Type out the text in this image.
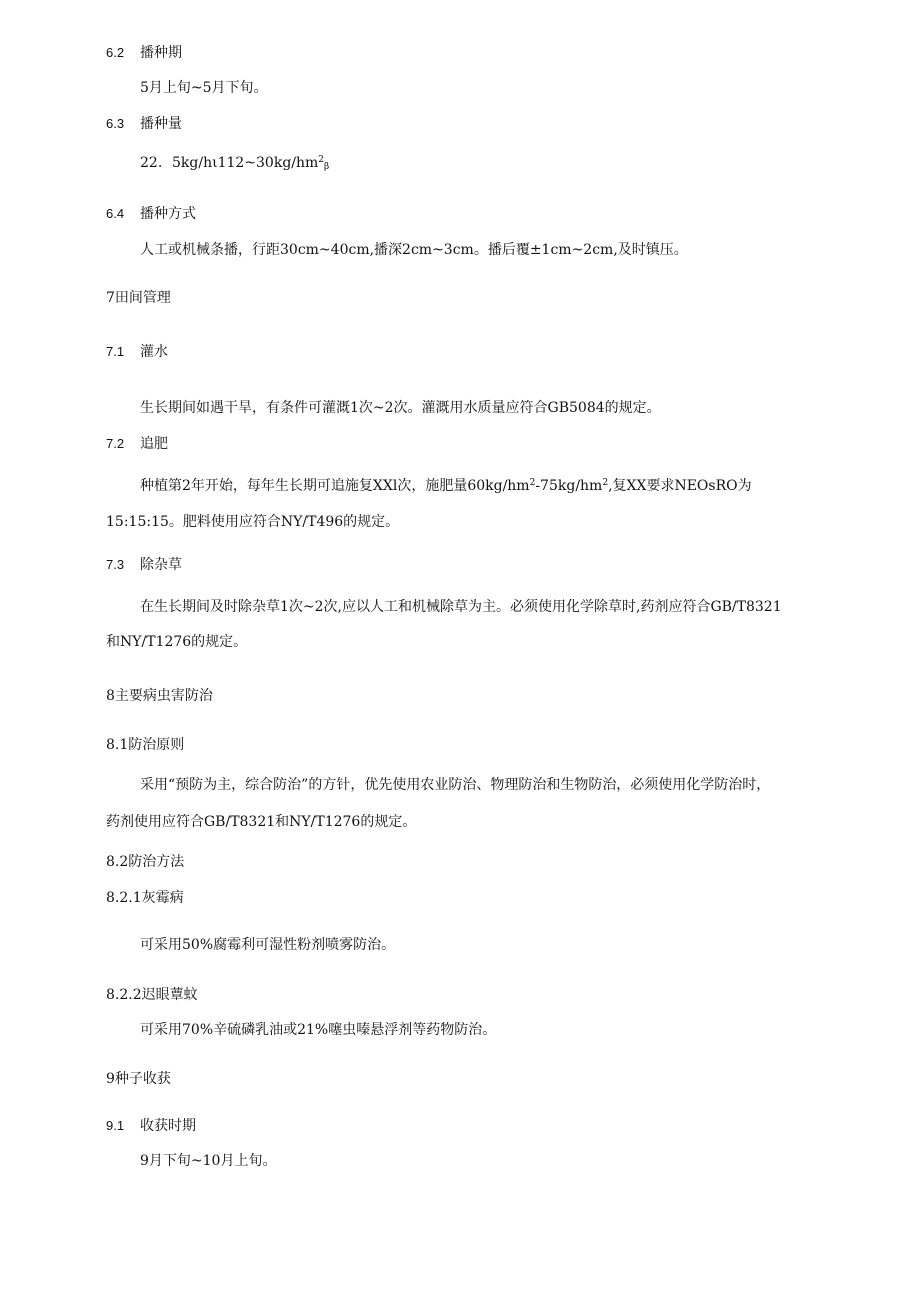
6.2 播种期
5月上旬~5月下旬。
6.3 播种量
22. $5kg∕h\iota 112\sim 30kg∕hm^2_\beta$
6.4 播种方式
人工或机械条播，行距30cm~40cm,播深2cm~3cm。播后覆±1cm~2cm,及时镇压。
7田间管理
7.1 灌水
生长期间如遇干旱，有条件可灌溉1次~2次。灌溉用水质量应符合GB5084的规定。
7.2 追肥
种植第2年开始，每年生长期可追施复XXl次，施肥量$60kg∕hm^2-75kg∕hm^2$,复XX要求NEOsRO为
15:15:15。肥料使用应符合NY/T496的规定。
7.3 除杂草
在生长期间及时除杂草1次~2次,应以人工和机械除草为主。必须使用化学除草时,药剂应符合GB/T8321
和NY/T1276的规定。
8主要病虫害防治
8.1防治原则
采用“预防为主，综合防治”的方针，优先使用农业防治、物理防治和生物防治，必须使用化学防治时，
药剂使用应符合GB/T8321和NY/T1276的规定。
8.2防治方法
8.2.1灰霉病
可采用50%腐霉利可湿性粉剂喷雾防治。
8.2.2迟眼蕈蚊
可采用70%辛硫磷乳油或21%噻虫嗪悬浮剂等药物防治。
9种子收获
9.1 收获时期
9月下旬~10月上旬。
